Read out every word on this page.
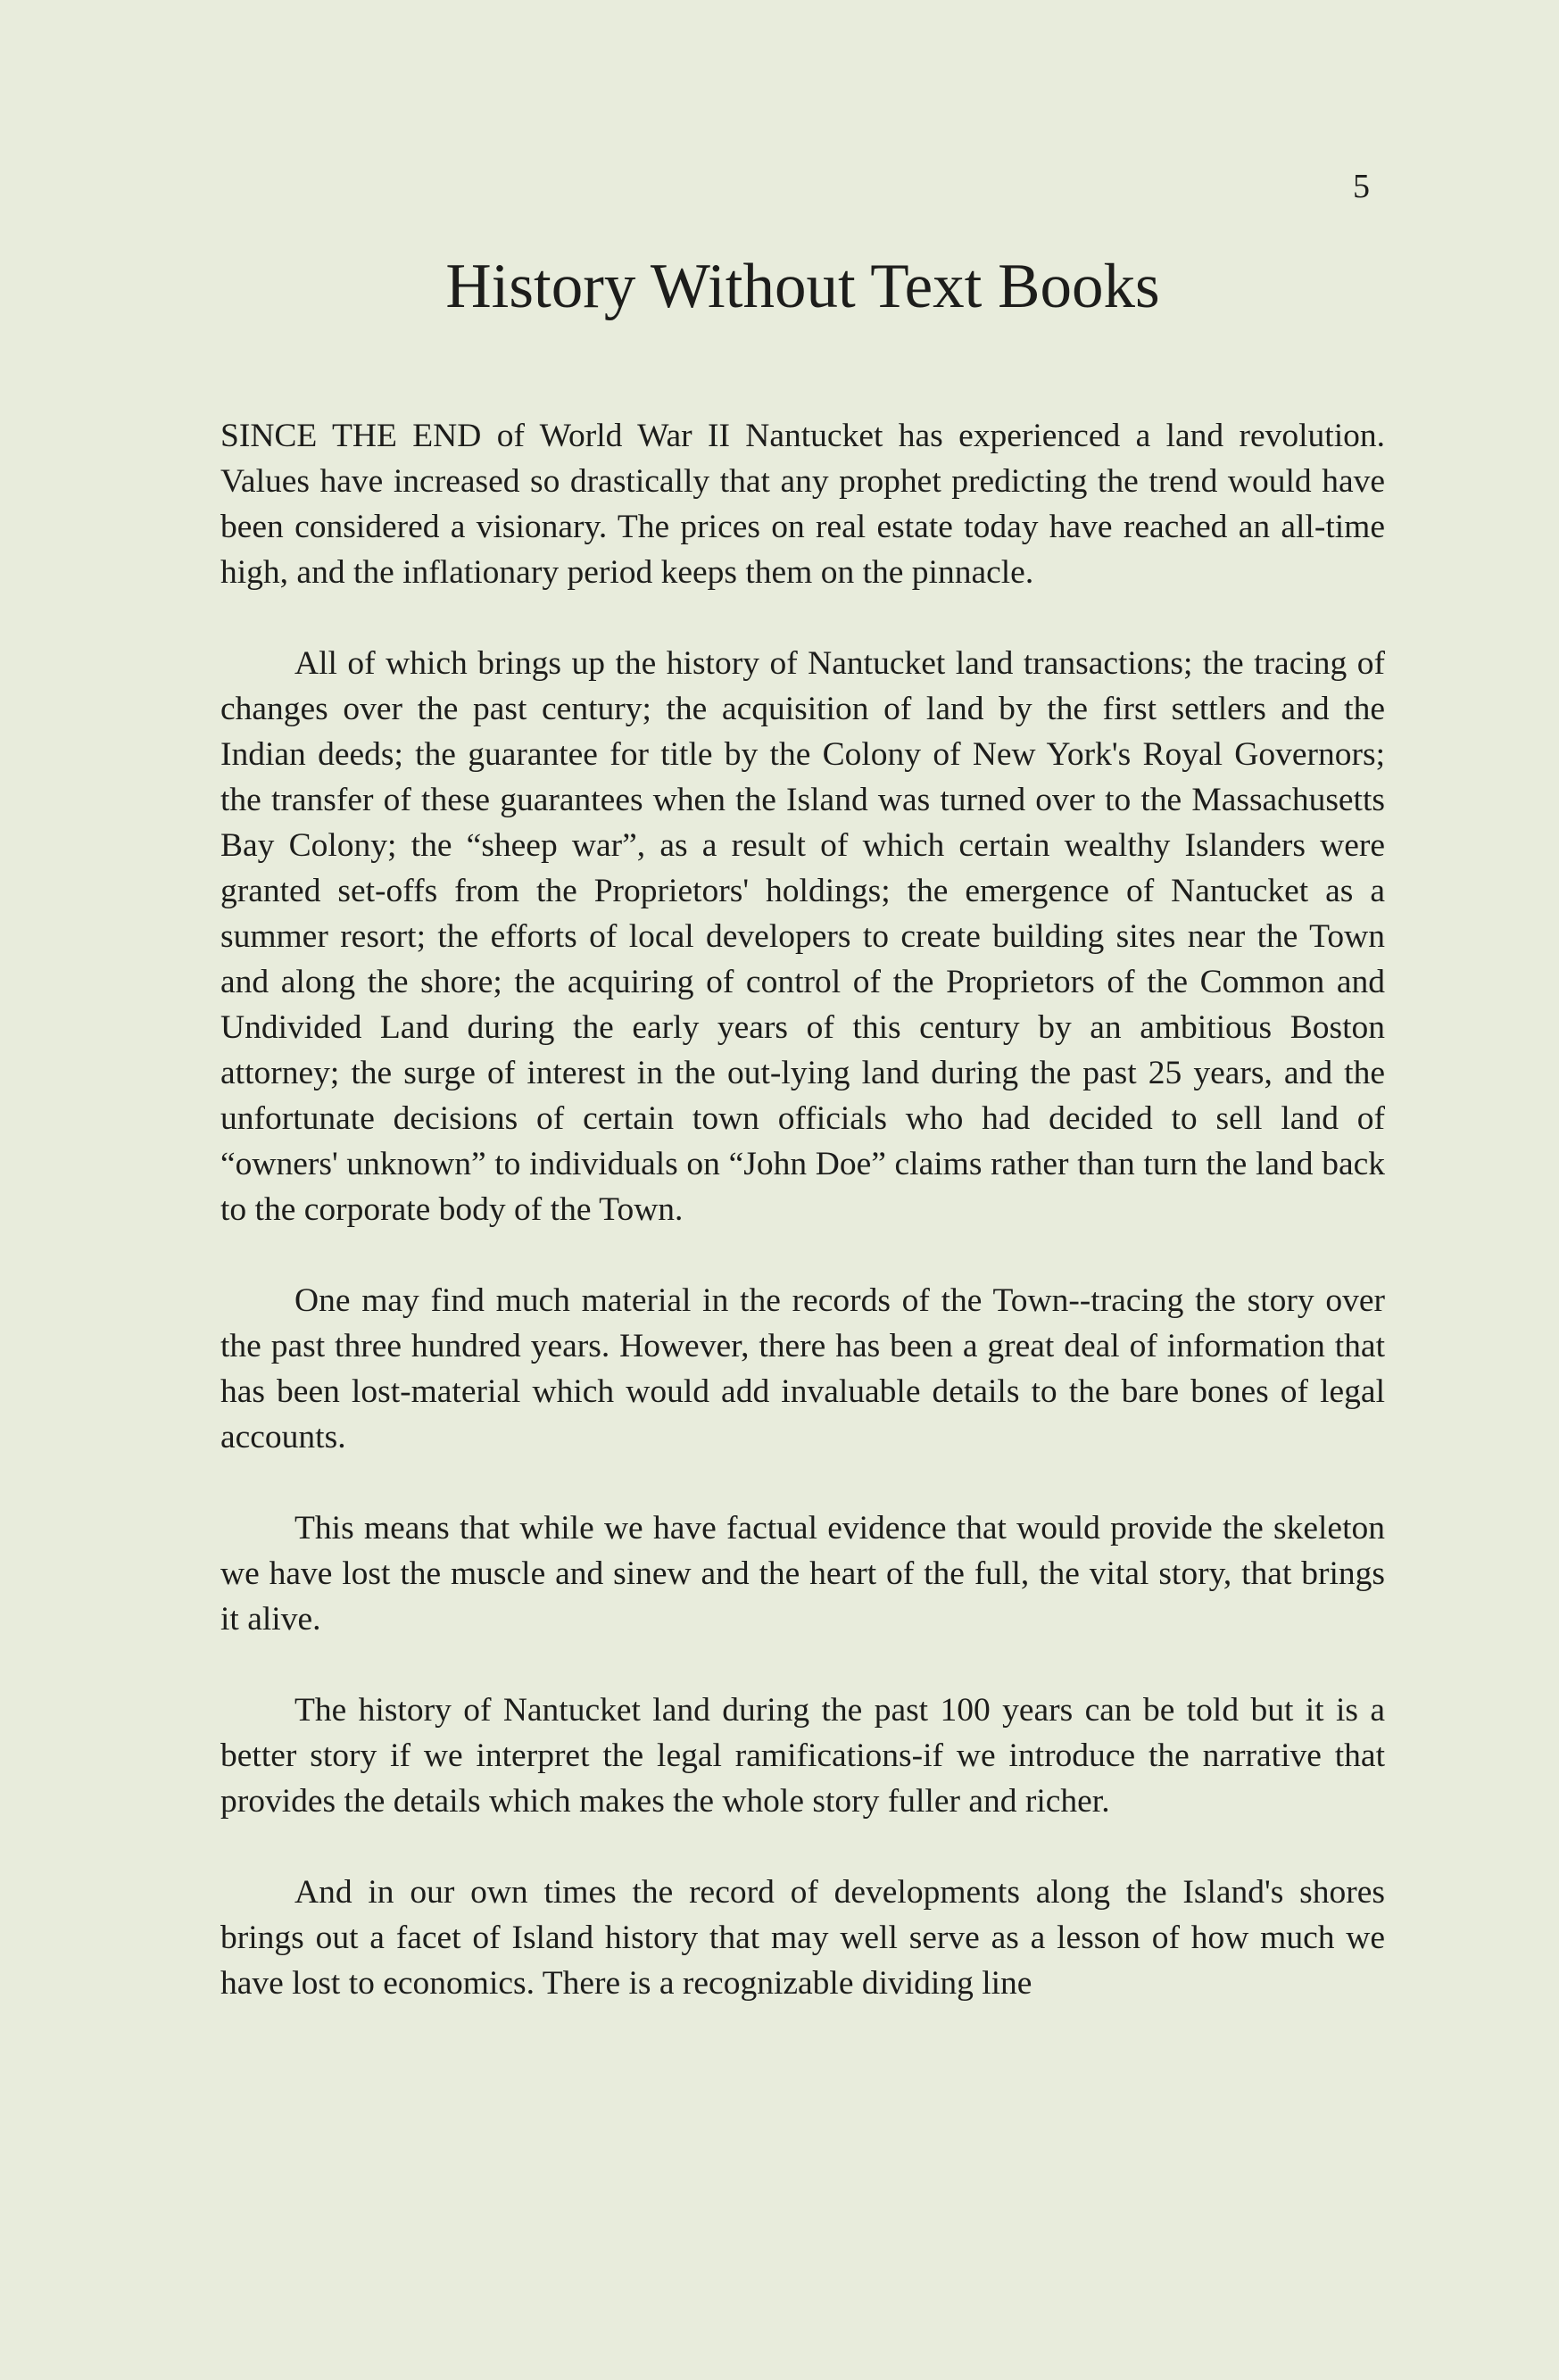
5
History Without Text Books

SINCE THE END of World War II Nantucket has experienced a land revolution. Values have increased so drastically that any prophet predicting the trend would have been considered a visionary. The prices on real estate today have reached an all-time high, and the inflationary period keeps them on the pinnacle.

All of which brings up the history of Nantucket land transactions; the tracing of changes over the past century; the acquisition of land by the first settlers and the Indian deeds; the guarantee for title by the Colony of New York's Royal Governors; the transfer of these guarantees when the Island was turned over to the Massachusetts Bay Colony; the “sheep war”, as a result of which certain wealthy Islanders were granted set-offs from the Proprietors' holdings; the emergence of Nantucket as a summer resort; the efforts of local developers to create building sites near the Town and along the shore; the acquiring of control of the Proprietors of the Common and Undivided Land during the early years of this century by an ambitious Boston attorney; the surge of interest in the out-lying land during the past 25 years, and the unfortunate decisions of certain town officials who had decided to sell land of “owners' unknown” to individuals on “John Doe” claims rather than turn the land back to the corporate body of the Town.

One may find much material in the records of the Town--tracing the story over the past three hundred years. However, there has been a great deal of information that has been lost-material which would add invaluable details to the bare bones of legal accounts.

This means that while we have factual evidence that would provide the skeleton we have lost the muscle and sinew and the heart of the full, the vital story, that brings it alive.

The history of Nantucket land during the past 100 years can be told but it is a better story if we interpret the legal ramifications-if we introduce the narrative that provides the details which makes the whole story fuller and richer.

And in our own times the record of developments along the Island's shores brings out a facet of Island history that may well serve as a lesson of how much we have lost to economics. There is a recognizable dividing line
